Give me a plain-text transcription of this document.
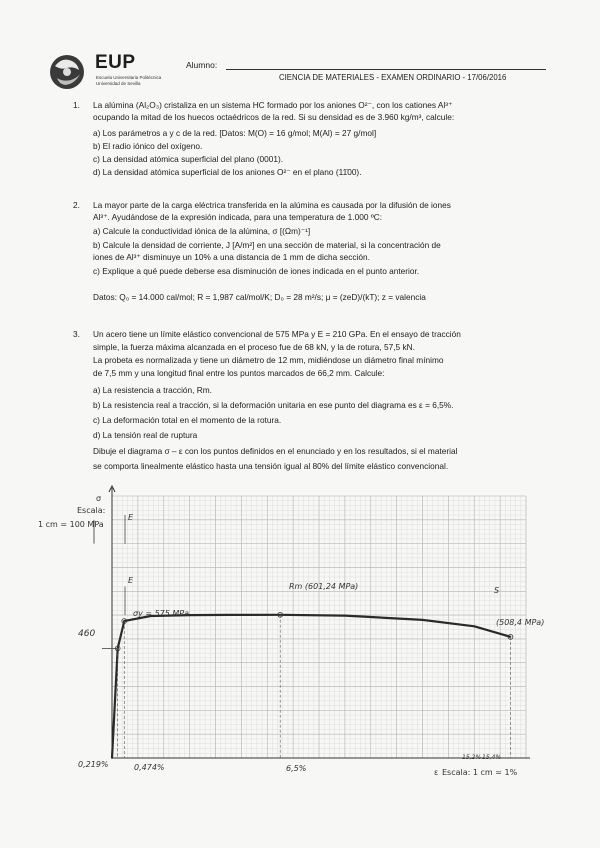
EUP
Escuela Universitaria Politécnica
Universidad de Sevilla
Alumno:
CIENCIA DE MATERIALES - EXAMEN ORDINARIO - 17/06/2016
1. La alúmina (Al₂O₃) cristaliza en un sistema HC formado por los aniones O²⁻, con los cationes Al³⁺
ocupando la mitad de los huecos octaédricos de la red. Si su densidad es de 3.960 kg/m³, calcule:
a) Los parámetros a y c de la red. [Datos: M(O) = 16 g/mol; M(Al) = 27 g/mol]
b) El radio iónico del oxígeno.
c) La densidad atómica superficial del plano (0001).
d) La densidad atómica superficial de los aniones O²⁻ en el plano (11̄00).
2. La mayor parte de la carga eléctrica transferida en la alúmina es causada por la difusión de iones
Al³⁺. Ayudándose de la expresión indicada, para una temperatura de 1.000 ºC:
a) Calcule la conductividad iónica de la alúmina, σ [(Ωm)⁻¹]
b) Calcule la densidad de corriente, J [A/m²] en una sección de material, si la concentración de
iones de Al³⁺ disminuye un 10% a una distancia de 1 mm de dicha sección.
c) Explique a qué puede deberse esa disminución de iones indicada en el punto anterior.
Datos: Q₀ = 14.000 cal/mol; R = 1,987 cal/mol/K; D₀ = 28 m²/s; μ = (zeD)/(kT); z = valencia
3. Un acero tiene un límite elástico convencional de 575 MPa y E = 210 GPa. En el ensayo de tracción
simple, la fuerza máxima alcanzada en el proceso fue de 68 kN, y la de rotura, 57,5 kN.
La probeta es normalizada y tiene un diámetro de 12 mm, midiéndose un diámetro final mínimo
de 7,5 mm y una longitud final entre los puntos marcados de 66,2 mm. Calcule:
a) La resistencia a tracción, Rm.
b) La resistencia real a tracción, si la deformación unitaria en ese punto del diagrama es ε = 6,5%.
c) La deformación total en el momento de la rotura.
d) La tensión real de ruptura
Dibuje el diagrama σ – ε con los puntos definidos en el enunciado y en los resultados, si el material
se comporta linealmente elástico hasta una tensión igual al 80% del límite elástico convencional.
σ
Escala:
1 cm = 100 MPa
E
E
σy = 575 MPa
Rm (601,24 MPa)	S
(508,4 MPa)
460
0,219%	0,474%	6,5%
15,2% 15,4%
ε Escala: 1 cm = 1%
